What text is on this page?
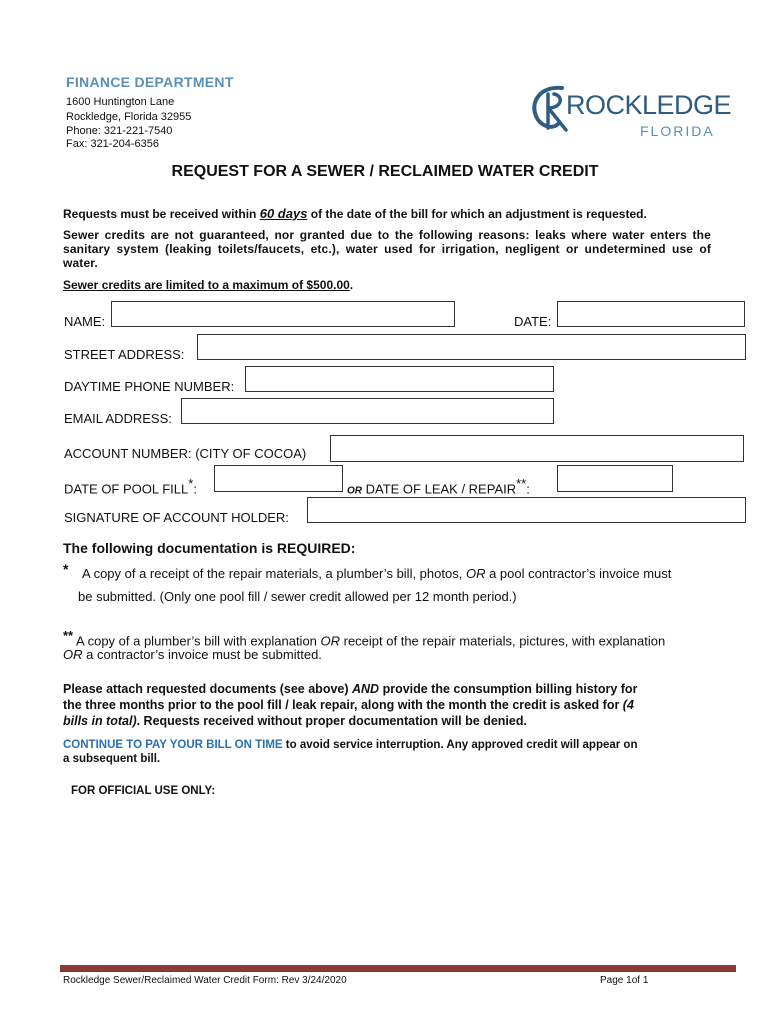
FINANCE DEPARTMENT
1600 Huntington Lane
Rockledge, Florida 32955
Phone: 321-221-7540
Fax: 321-204-6356
ROCKLEDGE
FLORIDA
REQUEST FOR A SEWER / RECLAIMED WATER CREDIT
Requests must be received within 60 days of the date of the bill for which an adjustment is requested.
Sewer credits are not guaranteed, nor granted due to the following reasons: leaks where water enters the sanitary system (leaking toilets/faucets, etc.), water used for irrigation, negligent or undetermined use of water.
Sewer credits are limited to a maximum of $500.00.
NAME:	DATE:
STREET ADDRESS:
DAYTIME PHONE NUMBER:
EMAIL ADDRESS:
ACCOUNT NUMBER: (CITY OF COCOA)
DATE OF POOL FILL*:	OR DATE OF LEAK / REPAIR**:
SIGNATURE OF ACCOUNT HOLDER:
The following documentation is REQUIRED:
* A copy of a receipt of the repair materials, a plumber’s bill, photos, OR a pool contractor’s invoice must
be submitted. (Only one pool fill / sewer credit allowed per 12 month period.)
** A copy of a plumber’s bill with explanation OR receipt of the repair materials, pictures, with explanation
OR a contractor’s invoice must be submitted.
Please attach requested documents (see above) AND provide the consumption billing history for
the three months prior to the pool fill / leak repair, along with the month the credit is asked for (4
bills in total). Requests received without proper documentation will be denied.
CONTINUE TO PAY YOUR BILL ON TIME to avoid service interruption. Any approved credit will appear on
a subsequent bill.
FOR OFFICIAL USE ONLY:
Rockledge Sewer/Reclaimed Water Credit Form: Rev 3/24/2020	Page 1of 1
